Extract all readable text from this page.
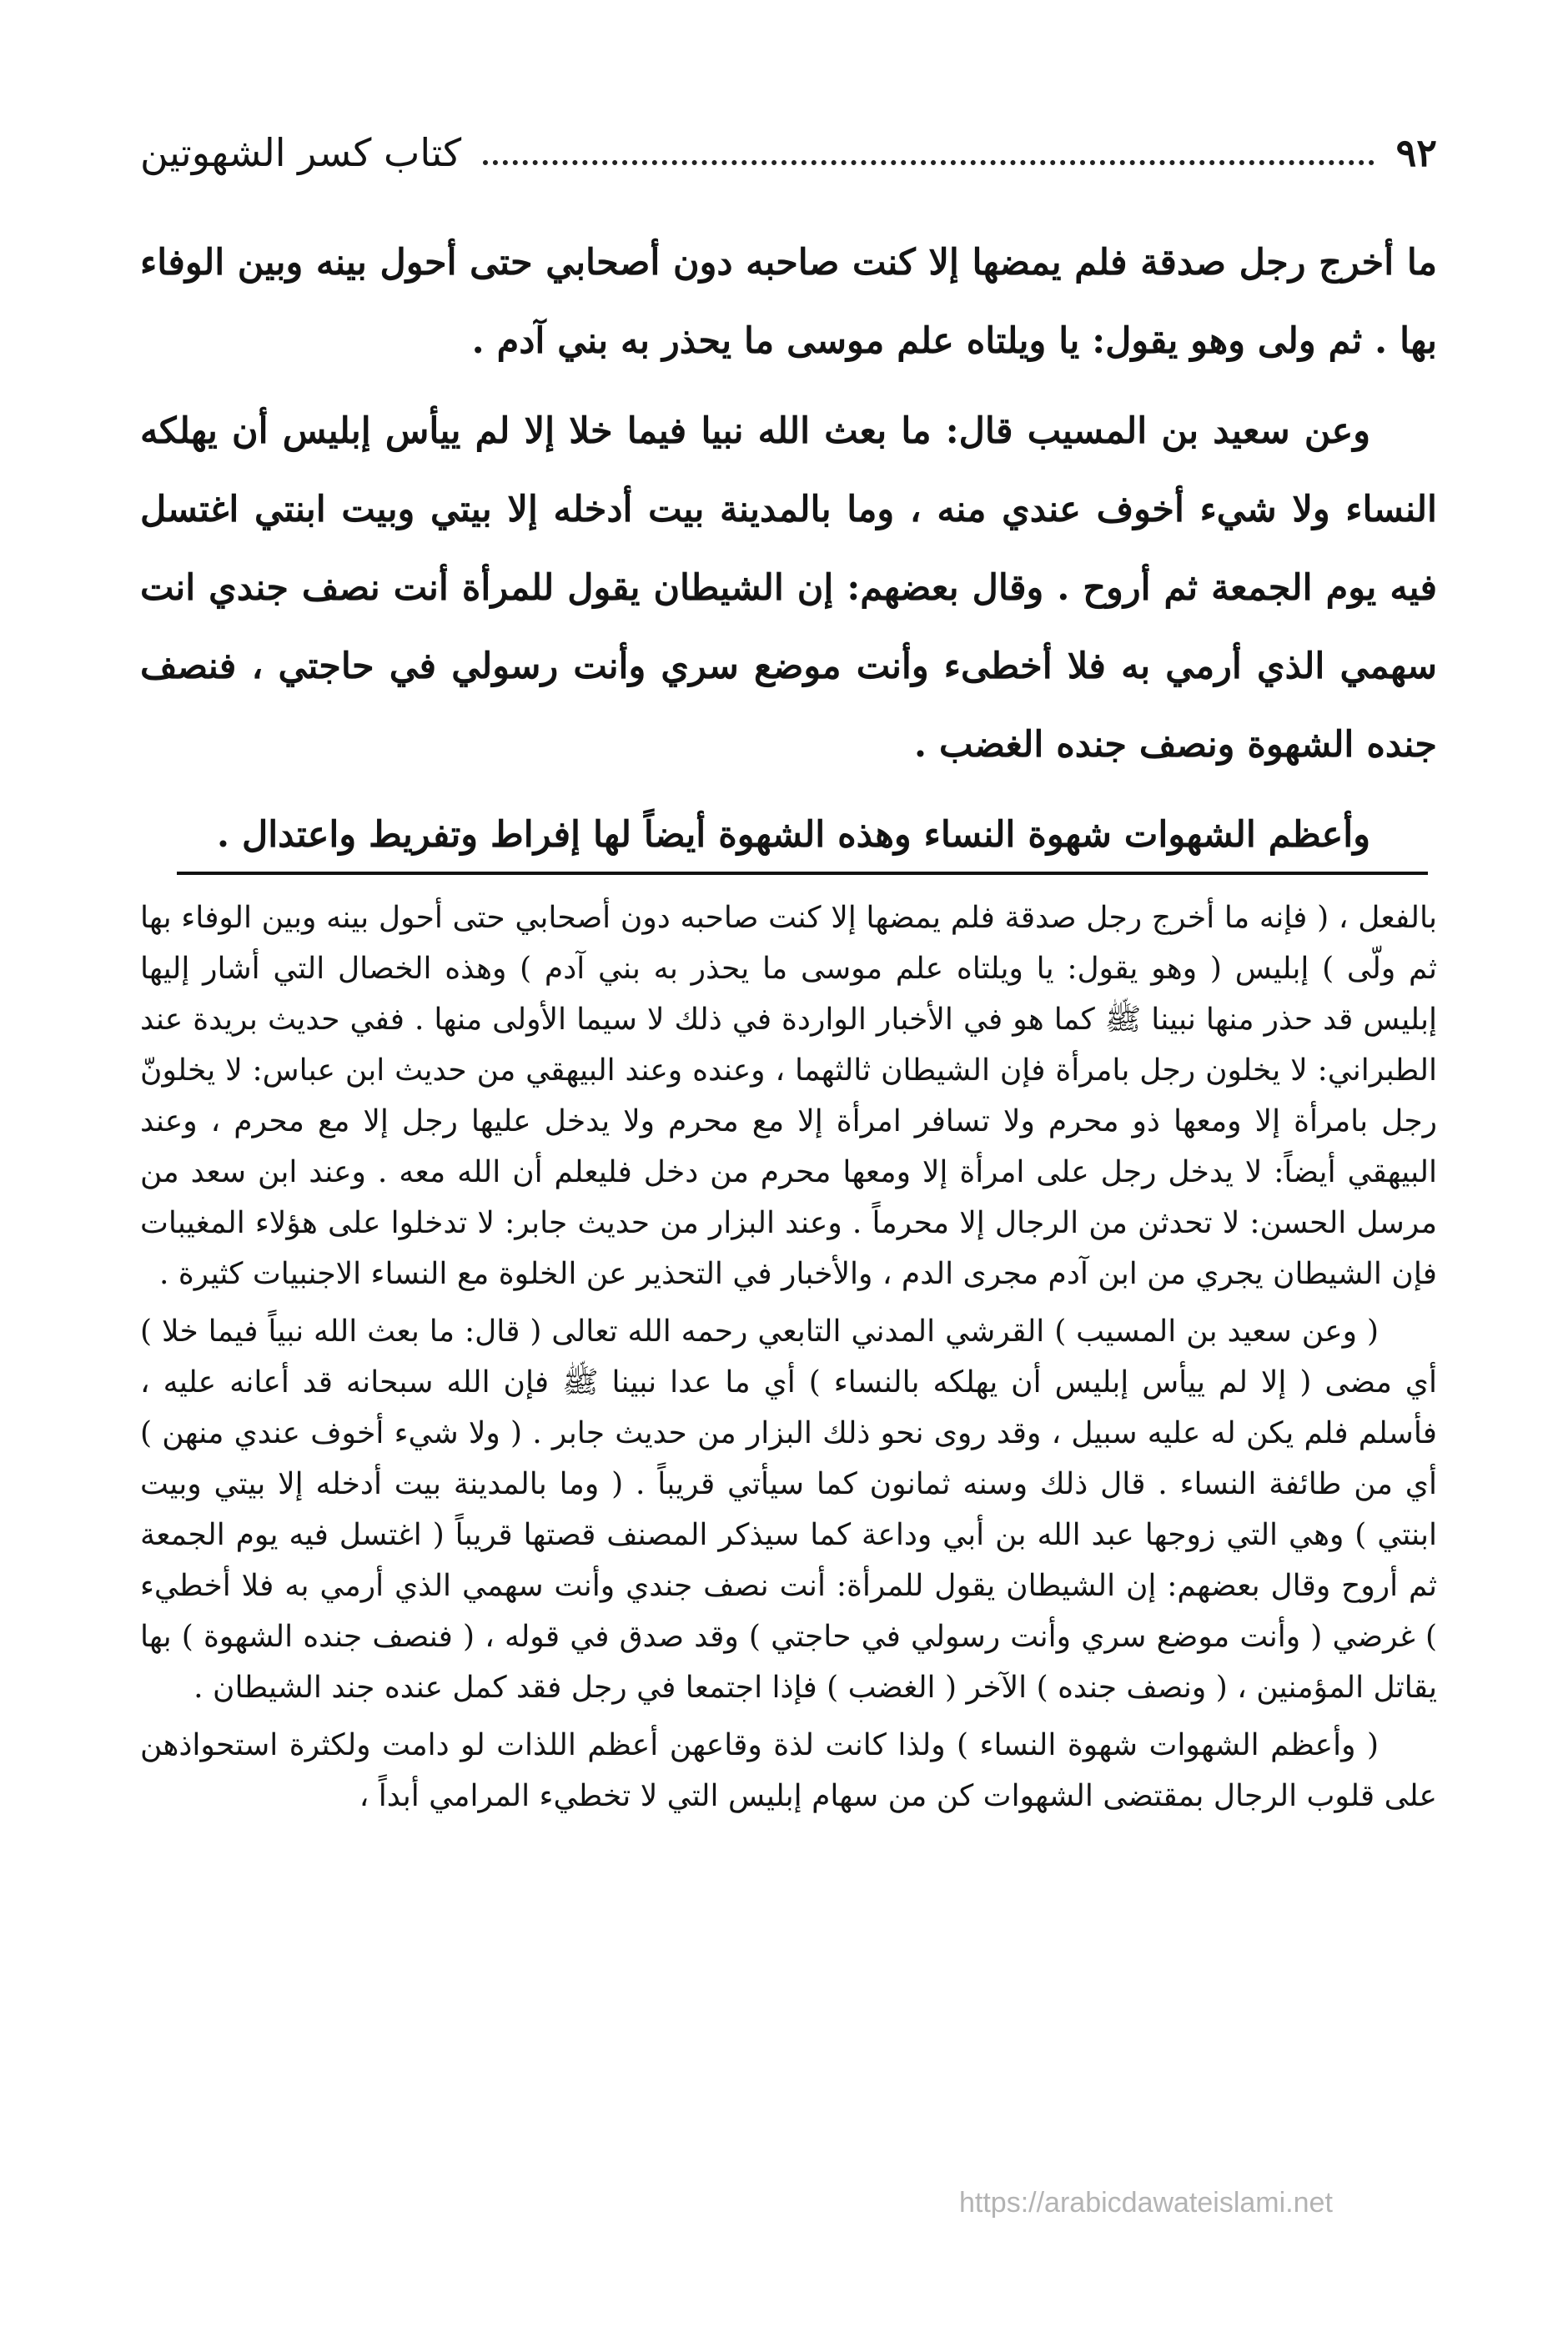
٩٢
كتاب كسر الشهوتين

ما أخرج رجل صدقة فلم يمضها إلا كنت صاحبه دون أصحابي حتى أحول بينه وبين الوفاء بها . ثم ولى وهو يقول: يا ويلتاه علم موسى ما يحذر به بني آدم .

وعن سعيد بن المسيب قال: ما بعث الله نبيا فيما خلا إلا لم ييأس إبليس أن يهلكه النساء ولا شيء أخوف عندي منه ، وما بالمدينة بيت أدخله إلا بيتي وبيت ابنتي اغتسل فيه يوم الجمعة ثم أروح . وقال بعضهم: إن الشيطان يقول للمرأة أنت نصف جندي انت سهمي الذي أرمي به فلا أخطىء وأنت موضع سري وأنت رسولي في حاجتي ، فنصف جنده الشهوة ونصف جنده الغضب .

وأعظم الشهوات شهوة النساء وهذه الشهوة أيضاً لها إفراط وتفريط واعتدال .

بالفعل ، ( فإنه ما أخرج رجل صدقة فلم يمضها إلا كنت صاحبه دون أصحابي حتى أحول بينه وبين الوفاء بها ثم ولّى ) إبليس ( وهو يقول: يا ويلتاه علم موسى ما يحذر به بني آدم ) وهذه الخصال التي أشار إليها إبليس قد حذر منها نبينا ﷺ كما هو في الأخبار الواردة في ذلك لا سيما الأولى منها . ففي حديث بريدة عند الطبراني: لا يخلون رجل بامرأة فإن الشيطان ثالثهما ، وعنده وعند البيهقي من حديث ابن عباس: لا يخلونّ رجل بامرأة إلا ومعها ذو محرم ولا تسافر امرأة إلا مع محرم ولا يدخل عليها رجل إلا مع محرم ، وعند البيهقي أيضاً: لا يدخل رجل على امرأة إلا ومعها محرم من دخل فليعلم أن الله معه . وعند ابن سعد من مرسل الحسن: لا تحدثن من الرجال إلا محرماً . وعند البزار من حديث جابر: لا تدخلوا على هؤلاء المغيبات فإن الشيطان يجري من ابن آدم مجرى الدم ، والأخبار في التحذير عن الخلوة مع النساء الاجنبيات كثيرة .

( وعن سعيد بن المسيب ) القرشي المدني التابعي رحمه الله تعالى ( قال: ما بعث الله نبياً فيما خلا ) أي مضى ( إلا لم ييأس إبليس أن يهلكه بالنساء ) أي ما عدا نبينا ﷺ فإن الله سبحانه قد أعانه عليه ، فأسلم فلم يكن له عليه سبيل ، وقد روى نحو ذلك البزار من حديث جابر . ( ولا شيء أخوف عندي منهن ) أي من طائفة النساء . قال ذلك وسنه ثمانون كما سيأتي قريباً . ( وما بالمدينة بيت أدخله إلا بيتي وبيت ابنتي ) وهي التي زوجها عبد الله بن أبي وداعة كما سيذكر المصنف قصتها قريباً ( اغتسل فيه يوم الجمعة ثم أروح وقال بعضهم: إن الشيطان يقول للمرأة: أنت نصف جندي وأنت سهمي الذي أرمي به فلا أخطيء ) غرضي ( وأنت موضع سري وأنت رسولي في حاجتي ) وقد صدق في قوله ، ( فنصف جنده الشهوة ) بها يقاتل المؤمنين ، ( ونصف جنده ) الآخر ( الغضب ) فإذا اجتمعا في رجل فقد كمل عنده جند الشيطان .

( وأعظم الشهوات شهوة النساء ) ولذا كانت لذة وقاعهن أعظم اللذات لو دامت ولكثرة استحواذهن على قلوب الرجال بمقتضى الشهوات كن من سهام إبليس التي لا تخطيء المرامي أبداً ،

https://arabicdawateislami.net
